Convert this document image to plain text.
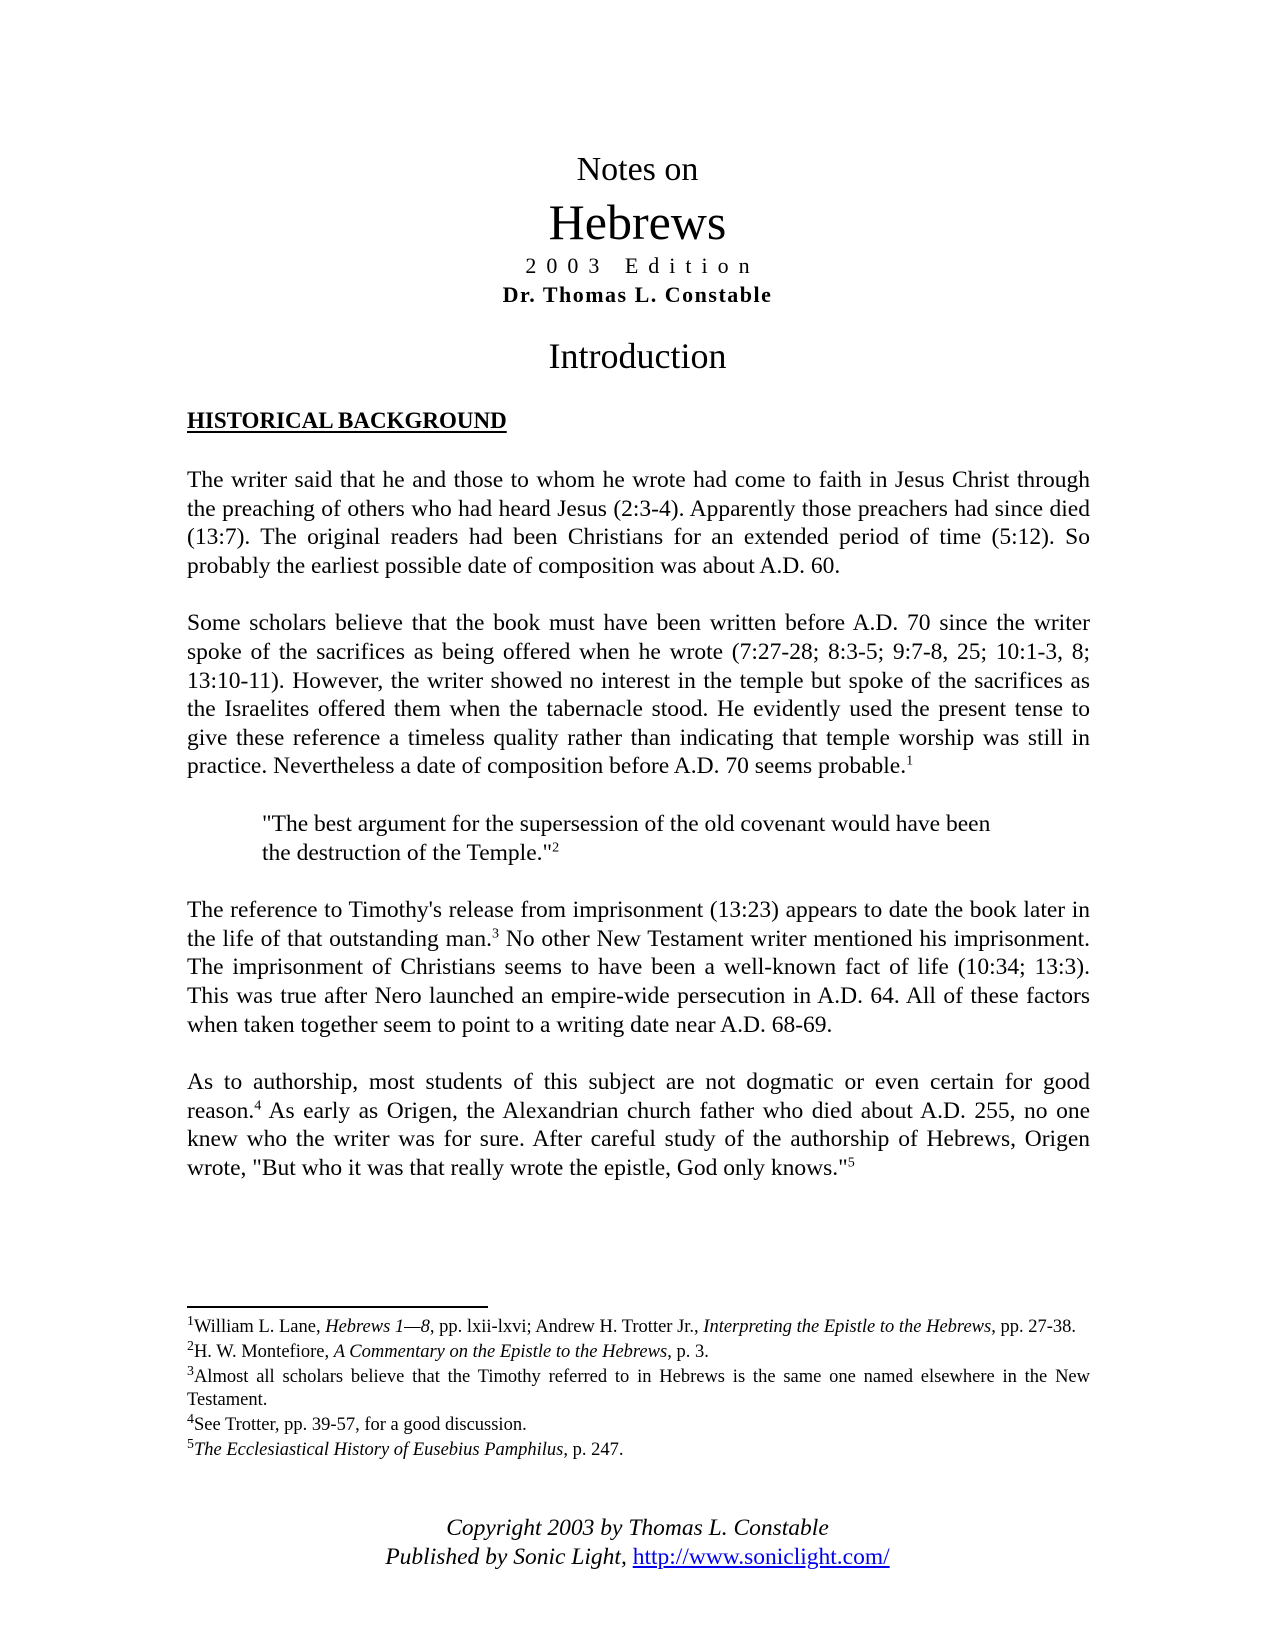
Notes on
Hebrews
2003 Edition
Dr. Thomas L. Constable
Introduction
HISTORICAL BACKGROUND

The writer said that he and those to whom he wrote had come to faith in Jesus Christ through the preaching of others who had heard Jesus (2:3-4). Apparently those preachers had since died (13:7). The original readers had been Christians for an extended period of time (5:12). So probably the earliest possible date of composition was about A.D. 60.

Some scholars believe that the book must have been written before A.D. 70 since the writer spoke of the sacrifices as being offered when he wrote (7:27-28; 8:3-5; 9:7-8, 25; 10:1-3, 8; 13:10-11). However, the writer showed no interest in the temple but spoke of the sacrifices as the Israelites offered them when the tabernacle stood. He evidently used the present tense to give these reference a timeless quality rather than indicating that temple worship was still in practice. Nevertheless a date of composition before A.D. 70 seems probable.$^1$

"The best argument for the supersession of the old covenant would have been the destruction of the Temple."$^2$

The reference to Timothy's release from imprisonment (13:23) appears to date the book later in the life of that outstanding man.$^3$ No other New Testament writer mentioned his imprisonment. The imprisonment of Christians seems to have been a well-known fact of life (10:34; 13:3). This was true after Nero launched an empire-wide persecution in A.D. 64. All of these factors when taken together seem to point to a writing date near A.D. 68-69.

As to authorship, most students of this subject are not dogmatic or even certain for good reason.$^4$ As early as Origen, the Alexandrian church father who died about A.D. 255, no one knew who the writer was for sure. After careful study of the authorship of Hebrews, Origen wrote, "But who it was that really wrote the epistle, God only knows."$^5$

$^1$William L. Lane, Hebrews 1—8, pp. lxii-lxvi; Andrew H. Trotter Jr., Interpreting the Epistle to the Hebrews, pp. 27-38.

$^2$H. W. Montefiore, A Commentary on the Epistle to the Hebrews, p. 3.

$^3$Almost all scholars believe that the Timothy referred to in Hebrews is the same one named elsewhere in the New Testament.

$^4$See Trotter, pp. 39-57, for a good discussion.

$^5$The Ecclesiastical History of Eusebius Pamphilus, p. 247.

Copyright 2003 by Thomas L. Constable
Published by Sonic Light, http://www.soniclight.com/
